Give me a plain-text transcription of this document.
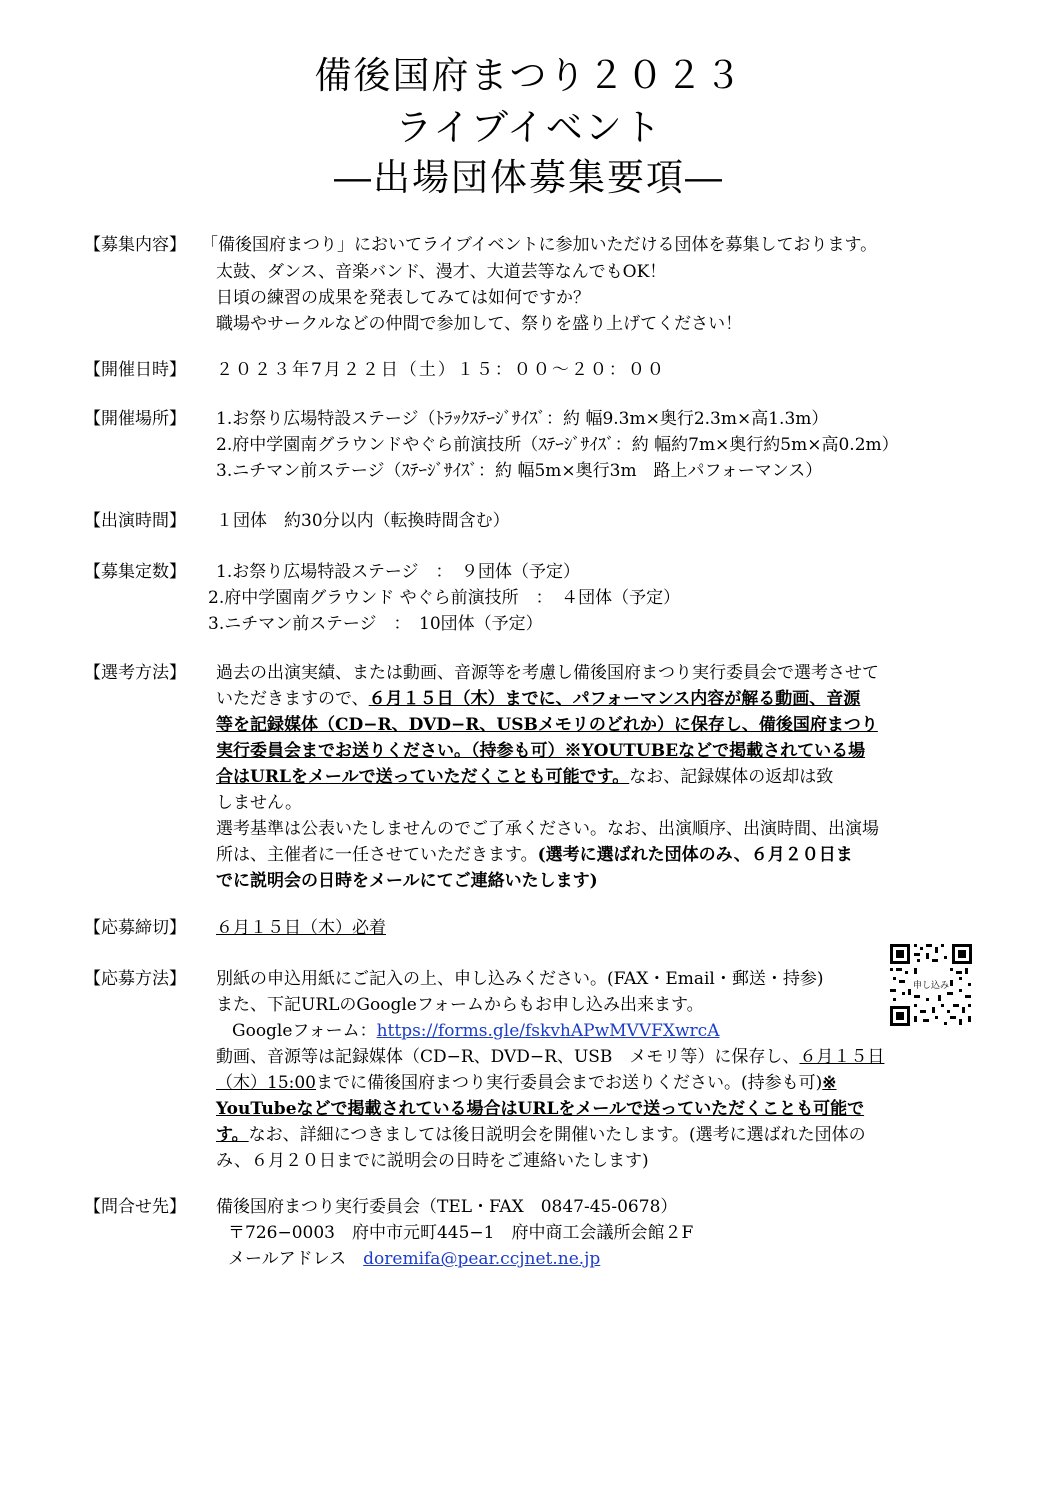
備後国府まつり２０２３
ライブイベント
―出場団体募集要項―
【募集内容】 「備後国府まつり」においてライブイベントに参加いただける団体を募集しております。
太鼓、ダンス、音楽バンド、漫才、大道芸等なんでもOK！
日頃の練習の成果を発表してみては如何ですか？
職場やサークルなどの仲間で参加して、祭りを盛り上げてください！
【開催日時】 ２０２３年7月２２日（土）１５：００～２０：００
【開催場所】 1.お祭り広場特設ステージ（ﾄﾗｯｸｽﾃｰｼﾞｻｲｽﾞ：約 幅9.3m×奥行2.3m×高1.3m）
2.府中学園南グラウンドやぐら前演技所（ｽﾃｰｼﾞｻｲｽﾞ：約 幅約7m×奥行約5m×高0.2m）
3.ニチマン前ステージ（ｽﾃｰｼﾞｻｲｽﾞ：約 幅5m×奥行3m　路上パフォーマンス）
【出演時間】 １団体　約30分以内（転換時間含む）
【募集定数】 1.お祭り広場特設ステージ　：　９団体（予定）
2.府中学園南グラウンド やぐら前演技所　：　４団体（予定）
3.ニチマン前ステージ　：　10団体（予定）
【選考方法】 過去の出演実績、または動画、音源等を考慮し備後国府まつり実行委員会で選考させて
いただきますので、６月１５日（木）までに、パフォーマンス内容が解る動画、音源
等を記録媒体（CD−R、DVD−R、USBメモリのどれか）に保存し、備後国府まつり
実行委員会までお送りください。（持参も可）※YOUTUBEなどで掲載されている場
合はURLをメールで送っていただくことも可能です。なお、記録媒体の返却は致
しません。
選考基準は公表いたしませんのでご了承ください。なお、出演順序、出演時間、出演場
所は、主催者に一任させていただきます。(選考に選ばれた団体のみ、６月２０日ま
でに説明会の日時をメールにてご連絡いたします)
【応募締切】 ６月１５日（木）必着
【応募方法】 別紙の申込用紙にご記入の上、申し込みください。(FAX・Email・郵送・持参)
また、下記URLのGoogleフォームからもお申し込み出来ます。
Googleフォーム：https://forms.gle/fskvhAPwMVVFXwrcA
動画、音源等は記録媒体（CD−R、DVD−R、USB　メモリ等）に保存し、６月１５日
（木）15:00までに備後国府まつり実行委員会までお送りください。(持参も可)※
YouTubeなどで掲載されている場合はURLをメールで送っていただくことも可能で
す。なお、詳細につきましては後日説明会を開催いたします。(選考に選ばれた団体の
み、６月２０日までに説明会の日時をご連絡いたします)
申し込み
【問合せ先】 備後国府まつり実行委員会（TEL・FAX　0847-45-0678）
〒726−0003　府中市元町445−1　府中商工会議所会館２F
メールアドレス　doremifa@pear.ccjnet.ne.jp
